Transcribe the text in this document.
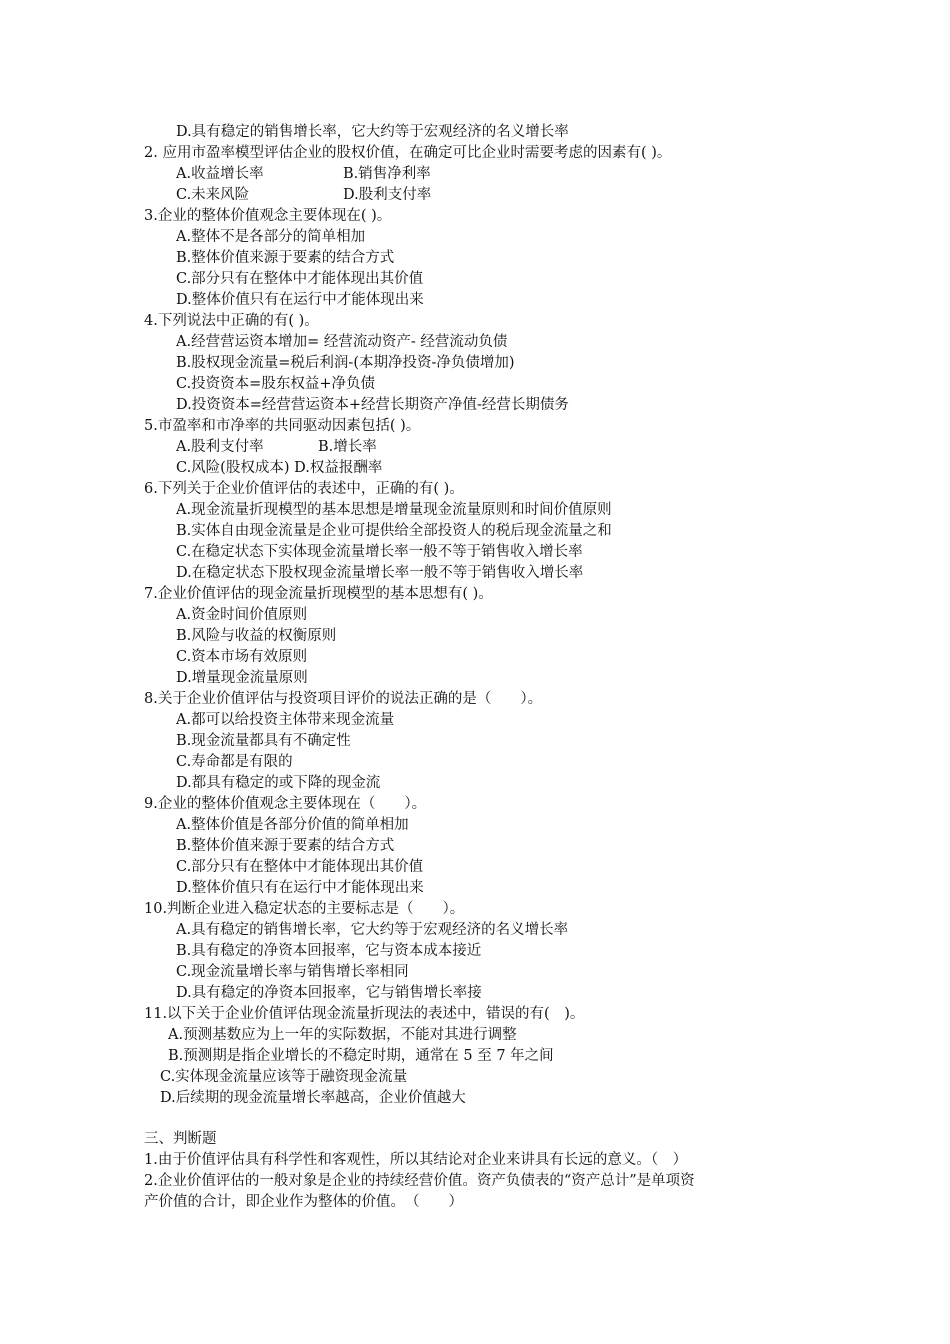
D.具有稳定的销售增长率，它大约等于宏观经济的名义增长率
2. 应用市盈率模型评估企业的股权价值，在确定可比企业时需要考虑的因素有( )。
A.收益增长率	B.销售净利率
C.未来风险	D.股利支付率
3.企业的整体价值观念主要体现在( )。
A.整体不是各部分的简单相加
B.整体价值来源于要素的结合方式
C.部分只有在整体中才能体现出其价值
D.整体价值只有在运行中才能体现出来
4.下列说法中正确的有( )。
A.经营营运资本增加= 经营流动资产- 经营流动负债
B.股权现金流量=税后利润-(本期净投资-净负债增加)
C.投资资本=股东权益+净负债
D.投资资本=经营营运资本+经营长期资产净值-经营长期债务
5.市盈率和市净率的共同驱动因素包括( )。
A.股利支付率	B.增长率
C.风险(股权成本) D.权益报酬率
6.下列关于企业价值评估的表述中，正确的有( )。
A.现金流量折现模型的基本思想是增量现金流量原则和时间价值原则
B.实体自由现金流量是企业可提供给全部投资人的税后现金流量之和
C.在稳定状态下实体现金流量增长率一般不等于销售收入增长率
D.在稳定状态下股权现金流量增长率一般不等于销售收入增长率
7.企业价值评估的现金流量折现模型的基本思想有( )。
A.资金时间价值原则
B.风险与收益的权衡原则
C.资本市场有效原则
D.增量现金流量原则
8.关于企业价值评估与投资项目评价的说法正确的是（　　）。
A.都可以给投资主体带来现金流量
B.现金流量都具有不确定性
C.寿命都是有限的
D.都具有稳定的或下降的现金流
9.企业的整体价值观念主要体现在（　　）。
A.整体价值是各部分价值的简单相加
B.整体价值来源于要素的结合方式
C.部分只有在整体中才能体现出其价值
D.整体价值只有在运行中才能体现出来
10.判断企业进入稳定状态的主要标志是（　　）。
A.具有稳定的销售增长率，它大约等于宏观经济的名义增长率
B.具有稳定的净资本回报率，它与资本成本接近
C.现金流量增长率与销售增长率相同
D.具有稳定的净资本回报率，它与销售增长率接
11.以下关于企业价值评估现金流量折现法的表述中，错误的有(　)。
A.预测基数应为上一年的实际数据，不能对其进行调整
B.预测期是指企业增长的不稳定时期，通常在 5 至 7 年之间
C.实体现金流量应该等于融资现金流量
D.后续期的现金流量增长率越高，企业价值越大
三、判断题
1.由于价值评估具有科学性和客观性，所以其结论对企业来讲具有长远的意义。（　）
2.企业价值评估的一般对象是企业的持续经营价值。资产负债表的“资产总计”是单项资
产价值的合计，即企业作为整体的价值。　（　　）
